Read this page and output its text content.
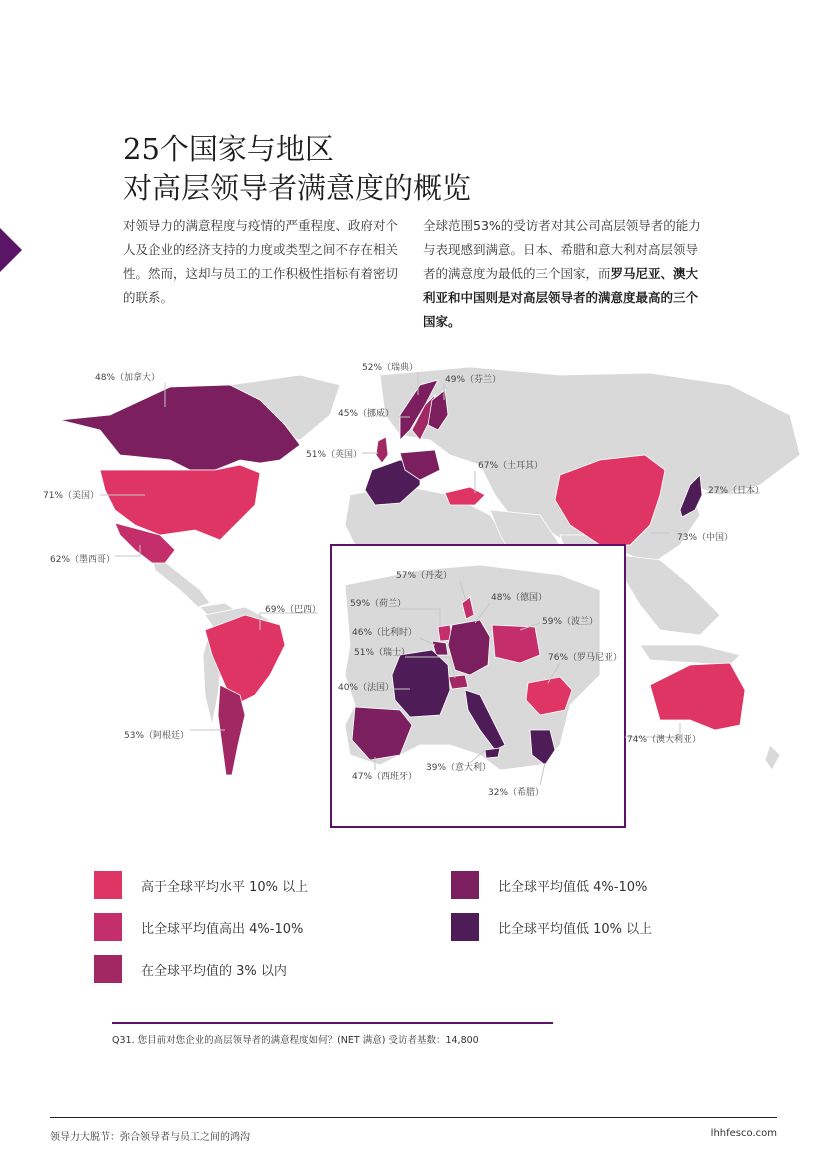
25个国家与地区
对高层领导者满意度的概览
对领导力的满意程度与疫情的严重程度、政府对个人及企业的经济支持的力度或类型之间不存在相关性。然而，这却与员工的工作积极性指标有着密切的联系。
全球范围53%的受访者对其公司高层领导者的能力与表现感到满意。日本、希腊和意大利对高层领导者的满意度为最低的三个国家，而罗马尼亚、澳大利亚和中国则是对高层领导者的满意度最高的三个国家。
48%（加拿大）
71%（美国）
62%（墨西哥）
69%（巴西）
53%（阿根廷）
52%（瑞典）
49%（芬兰）
45%（挪威）
51%（英国）
67%（土耳其）
27%（日本）
73%（中国）
74%（澳大利亚）
57%（丹麦）
59%（荷兰）
48%（德国）
59%（波兰）
46%（比利时）
51%（瑞士）	76%（罗马尼亚）
40%（法国）
47%（西班牙）
39%（意大利）
32%（希腊）
高于全球平均水平 10% 以上
比全球平均值高出 4%-10%
在全球平均值的 3% 以内
比全球平均值低 4%-10%
比全球平均值低 10% 以上
Q31. 您目前对您企业的高层领导者的满意程度如何？(NET 满意) 受访者基数：14,800
领导力大脱节：弥合领导者与员工之间的鸿沟	lhhfesco.com
